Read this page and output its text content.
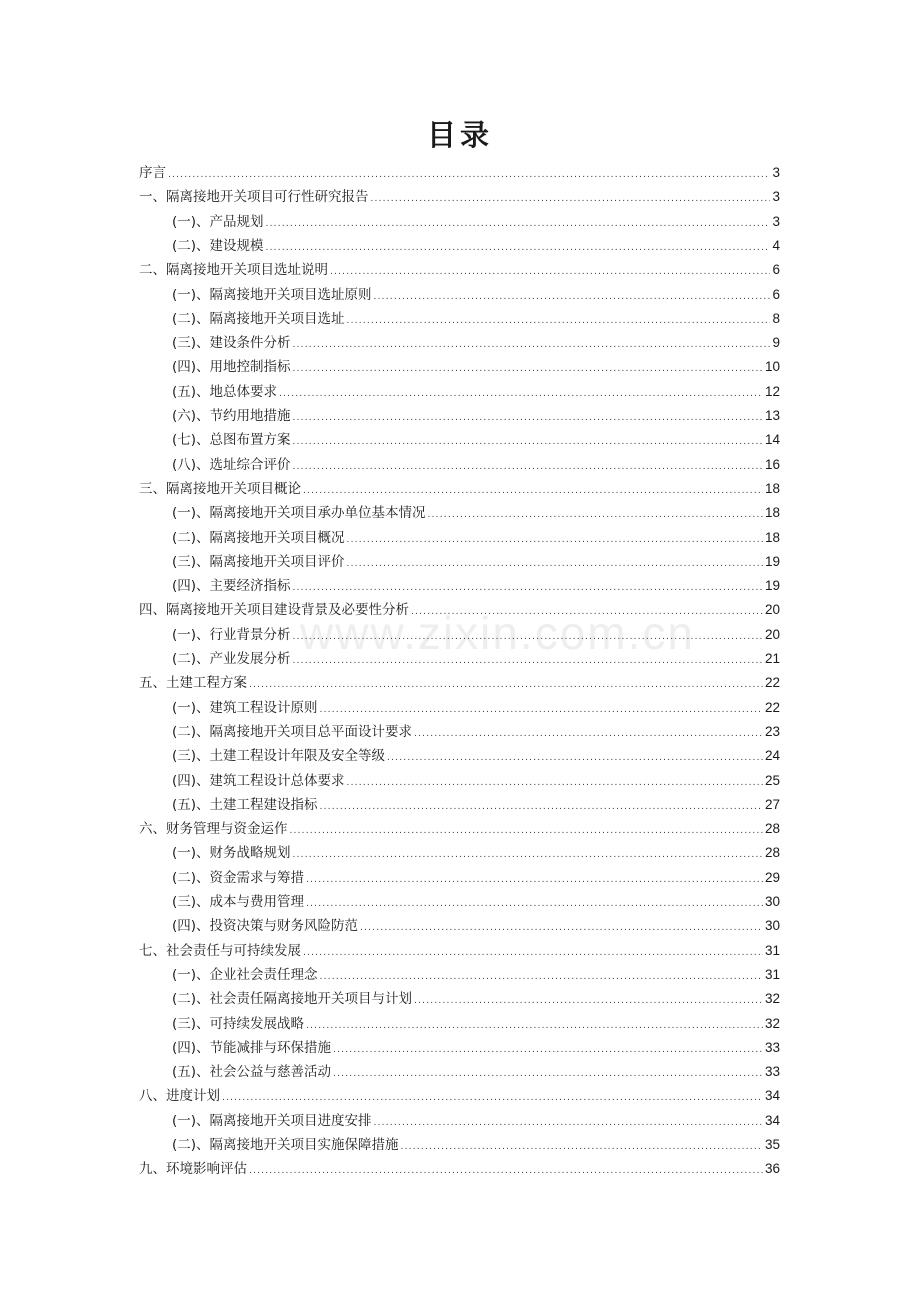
目录
www.zixin.com.cn
序言 .....	3
一、隔离接地开关项目可行性研究报告 .....	3
(一)、产品规划 .....	3
(二)、建设规模 .....	4
二、隔离接地开关项目选址说明 .....	6
(一)、隔离接地开关项目选址原则 .....	6
(二)、隔离接地开关项目选址 .....	8
(三)、建设条件分析 .....	9
(四)、用地控制指标 .....	10
(五)、地总体要求 .....	12
(六)、节约用地措施 .....	13
(七)、总图布置方案 .....	14
(八)、选址综合评价 .....	16
三、隔离接地开关项目概论 .....	18
(一)、隔离接地开关项目承办单位基本情况 .....	18
(二)、隔离接地开关项目概况 .....	18
(三)、隔离接地开关项目评价 .....	19
(四)、主要经济指标 .....	19
四、隔离接地开关项目建设背景及必要性分析 .....	20
(一)、行业背景分析 .....	20
(二)、产业发展分析 .....	21
五、土建工程方案 .....	22
(一)、建筑工程设计原则 .....	22
(二)、隔离接地开关项目总平面设计要求 .....	23
(三)、土建工程设计年限及安全等级 .....	24
(四)、建筑工程设计总体要求 .....	25
(五)、土建工程建设指标 .....	27
六、财务管理与资金运作 .....	28
(一)、财务战略规划 .....	28
(二)、资金需求与筹措 .....	29
(三)、成本与费用管理 .....	30
(四)、投资决策与财务风险防范 .....	30
七、社会责任与可持续发展 .....	31
(一)、企业社会责任理念 .....	31
(二)、社会责任隔离接地开关项目与计划 .....	32
(三)、可持续发展战略 .....	32
(四)、节能减排与环保措施 .....	33
(五)、社会公益与慈善活动 .....	33
八、进度计划 .....	34
(一)、隔离接地开关项目进度安排 .....	34
(二)、隔离接地开关项目实施保障措施 .....	35
九、环境影响评估 .....	36
